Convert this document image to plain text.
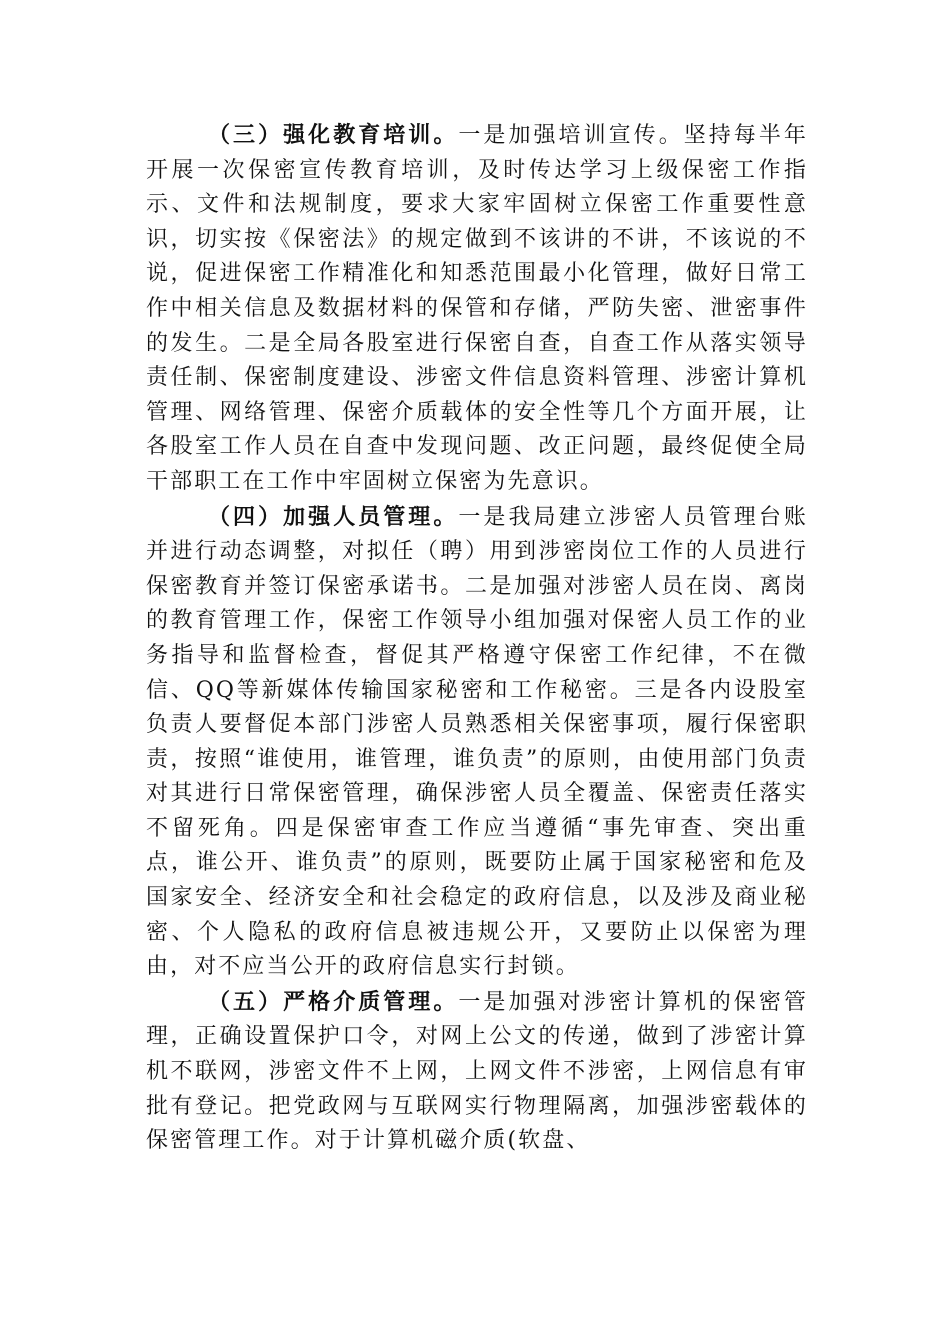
（三）强化教育培训。一是加强培训宣传。坚持每半年开展一次保密宣传教育培训，及时传达学习上级保密工作指示、文件和法规制度，要求大家牢固树立保密工作重要性意识，切实按《保密法》的规定做到不该讲的不讲，不该说的不说，促进保密工作精准化和知悉范围最小化管理，做好日常工作中相关信息及数据材料的保管和存储，严防失密、泄密事件的发生。二是全局各股室进行保密自查，自查工作从落实领导责任制、保密制度建设、涉密文件信息资料管理、涉密计算机管理、网络管理、保密介质载体的安全性等几个方面开展，让各股室工作人员在自查中发现问题、改正问题，最终促使全局干部职工在工作中牢固树立保密为先意识。

（四）加强人员管理。一是我局建立涉密人员管理台账并进行动态调整，对拟任（聘）用到涉密岗位工作的人员进行保密教育并签订保密承诺书。二是加强对涉密人员在岗、离岗的教育管理工作，保密工作领导小组加强对保密人员工作的业务指导和监督检查，督促其严格遵守保密工作纪律，不在微信、QQ等新媒体传输国家秘密和工作秘密。三是各内设股室负责人要督促本部门涉密人员熟悉相关保密事项，履行保密职责，按照“谁使用，谁管理，谁负责”的原则，由使用部门负责对其进行日常保密管理，确保涉密人员全覆盖、保密责任落实不留死角。四是保密审查工作应当遵循“事先审查、突出重点，谁公开、谁负责”的原则，既要防止属于国家秘密和危及国家安全、经济安全和社会稳定的政府信息，以及涉及商业秘密、个人隐私的政府信息被违规公开，又要防止以保密为理由，对不应当公开的政府信息实行封锁。

（五）严格介质管理。一是加强对涉密计算机的保密管理，正确设置保护口令，对网上公文的传递，做到了涉密计算机不联网，涉密文件不上网，上网文件不涉密，上网信息有审批有登记。把党政网与互联网实行物理隔离，加强涉密载体的保密管理工作。对于计算机磁介质(软盘、
